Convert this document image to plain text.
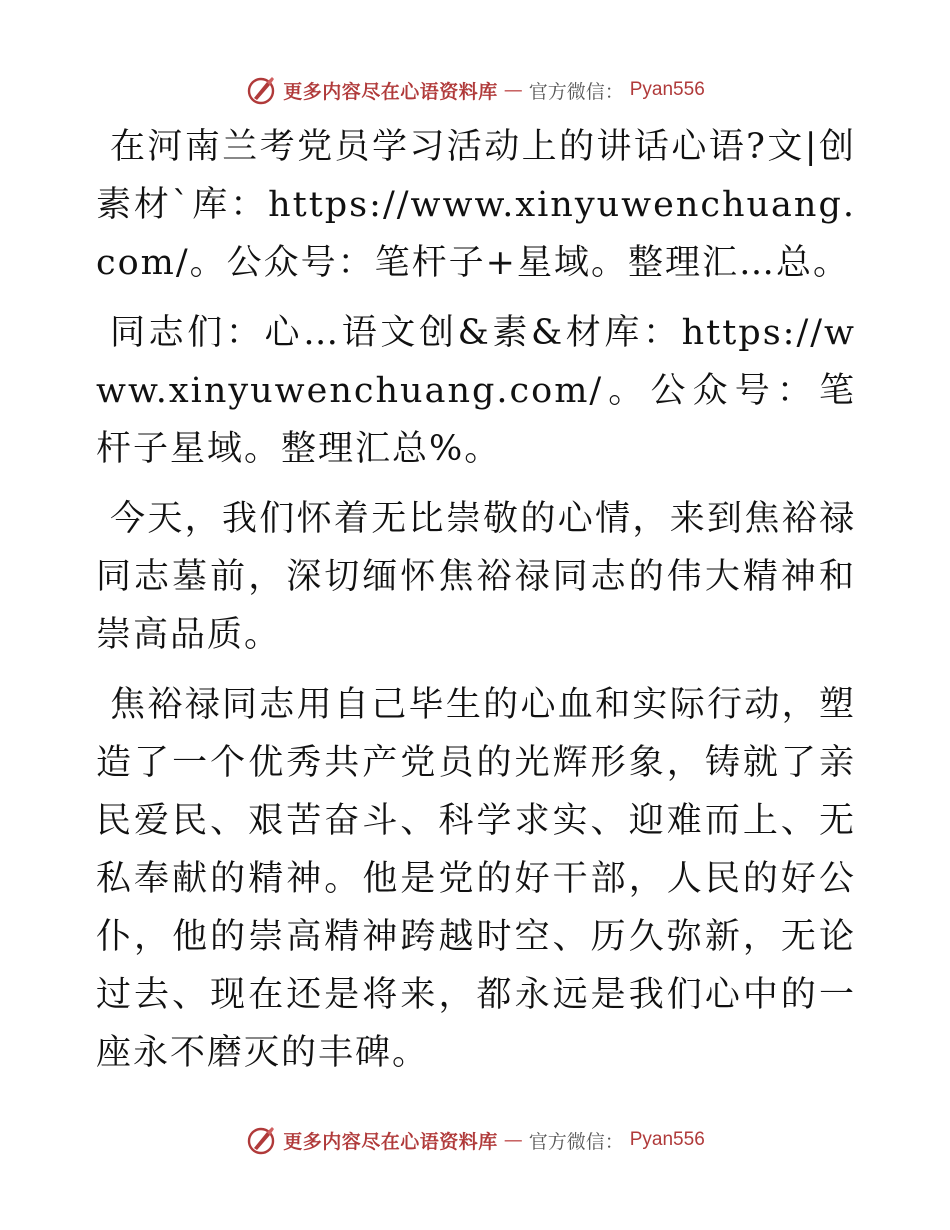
更多内容尽在心语资料库 — 官方微信： Pyan556

在河南兰考党员学习活动上的讲话心语?文|创素材`库：https://www.xinyuwenchuang.com/。公众号：笔杆子+星域。整理汇…总。

同志们：心…语文创&素&材库：https://www.xinyuwenchuang.com/。公众号：笔杆子星域。整理汇总%。

今天，我们怀着无比崇敬的心情，来到焦裕禄同志墓前，深切缅怀焦裕禄同志的伟大精神和崇高品质。

焦裕禄同志用自己毕生的心血和实际行动，塑造了一个优秀共产党员的光辉形象，铸就了亲民爱民、艰苦奋斗、科学求实、迎难而上、无私奉献的精神。他是党的好干部，人民的好公仆，他的崇高精神跨越时空、历久弥新，无论过去、现在还是将来，都永远是我们心中的一座永不磨灭的丰碑。

更多内容尽在心语资料库 — 官方微信： Pyan556
